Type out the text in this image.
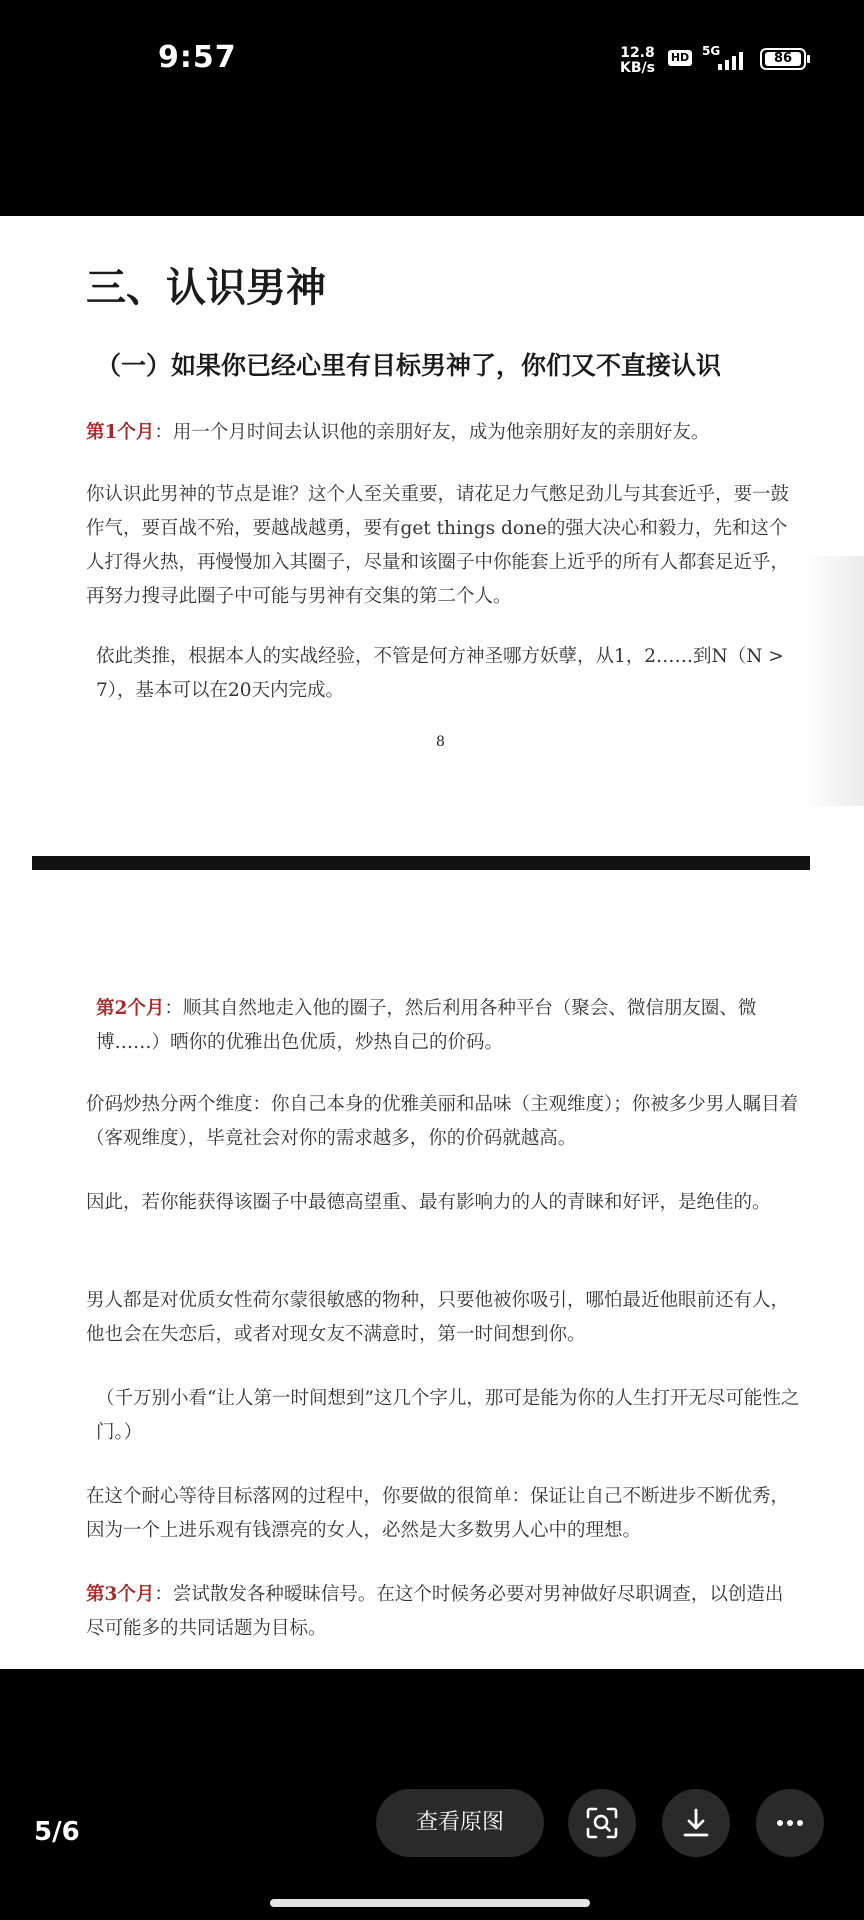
9:57	12.8
KB/s
HD 5G	86
三、认识男神
（一）如果你已经心里有目标男神了，你们又不直接认识
第1个月：用一个月时间去认识他的亲朋好友，成为他亲朋好友的亲朋好友。
你认识此男神的节点是谁？这个人至关重要，请花足力气憋足劲儿与其套近乎，要一鼓作气，要百战不殆，要越战越勇，要有get things done的强大决心和毅力，先和这个人打得火热，再慢慢加入其圈子，尽量和该圈子中你能套上近乎的所有人都套足近乎，再努力搜寻此圈子中可能与男神有交集的第二个人。
依此类推，根据本人的实战经验，不管是何方神圣哪方妖孽，从1，2……到N（N > 7），基本可以在20天内完成。
8
第2个月：顺其自然地走入他的圈子，然后利用各种平台（聚会、微信朋友圈、微博……）晒你的优雅出色优质，炒热自己的价码。
价码炒热分两个维度：你自己本身的优雅美丽和品味（主观维度）；你被多少男人瞩目着（客观维度），毕竟社会对你的需求越多，你的价码就越高。
因此，若你能获得该圈子中最德高望重、最有影响力的人的青睐和好评，是绝佳的。
男人都是对优质女性荷尔蒙很敏感的物种，只要他被你吸引，哪怕最近他眼前还有人，他也会在失恋后，或者对现女友不满意时，第一时间想到你。
（千万别小看“让人第一时间想到”这几个字儿，那可是能为你的人生打开无尽可能性之门。）
在这个耐心等待目标落网的过程中，你要做的很简单：保证让自己不断进步不断优秀，因为一个上进乐观有钱漂亮的女人，必然是大多数男人心中的理想。
第3个月：尝试散发各种暧昧信号。在这个时候务必要对男神做好尽职调查，以创造出尽可能多的共同话题为目标。
5/6	查看原图
